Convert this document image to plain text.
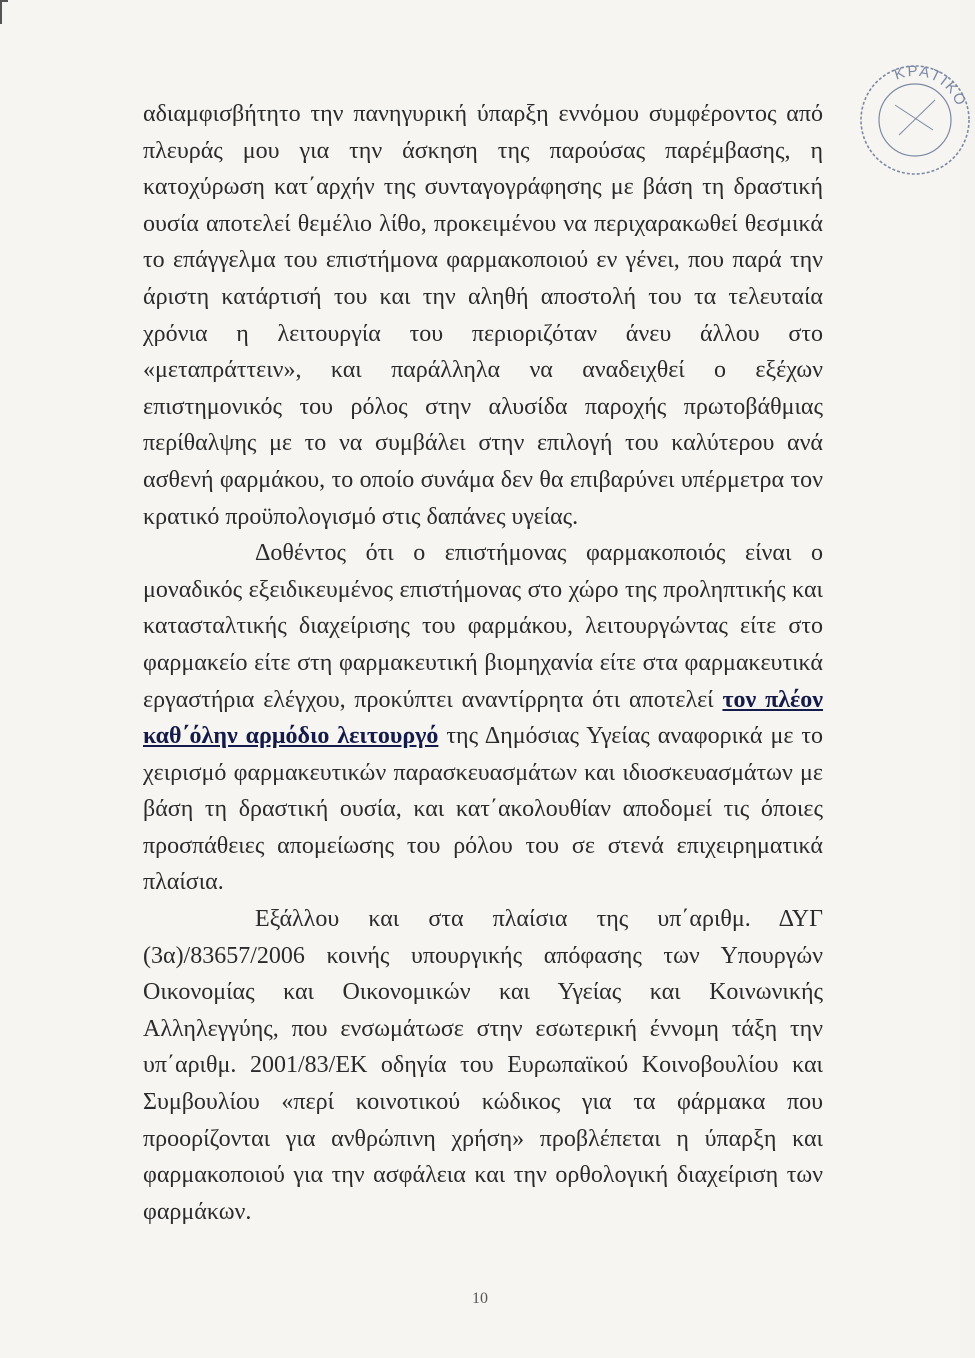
ΚΡΑΤΙΚΟ

αδιαμφισβήτητο την πανηγυρική ύπαρξη εννόμου συμφέροντος από πλευράς μου για την άσκηση της παρούσας παρέμβασης, η κατοχύρωση κατ΄αρχήν της συνταγογράφησης με βάση τη δραστική ουσία αποτελεί θεμέλιο λίθο, προκειμένου να περιχαρακωθεί θεσμικά το επάγγελμα του επιστήμονα φαρμακοποιού εν γένει, που παρά την άριστη κατάρτισή του και την αληθή αποστολή του τα τελευταία χρόνια η λειτουργία του περιοριζόταν άνευ άλλου στο «μεταπράττειν», και παράλληλα να αναδειχθεί ο εξέχων επιστημονικός του ρόλος στην αλυσίδα παροχής πρωτοβάθμιας περίθαλψης με το να συμβάλει στην επιλογή του καλύτερου ανά ασθενή φαρμάκου, το οποίο συνάμα δεν θα επιβαρύνει υπέρμετρα τον κρατικό προϋπολογισμό στις δαπάνες υγείας.

Δοθέντος ότι ο επιστήμονας φαρμακοποιός είναι ο μοναδικός εξειδικευμένος επιστήμονας στο χώρο της προληπτικής και κατασταλτικής διαχείρισης του φαρμάκου, λειτουργώντας είτε στο φαρμακείο είτε στη φαρμακευτική βιομηχανία είτε στα φαρμακευτικά εργαστήρια ελέγχου, προκύπτει αναντίρρητα ότι αποτελεί τον πλέον καθ΄όλην αρμόδιο λειτουργό της Δημόσιας Υγείας αναφορικά με το χειρισμό φαρμακευτικών παρασκευασμάτων και ιδιοσκευασμάτων με βάση τη δραστική ουσία, και κατ΄ακολουθίαν αποδομεί τις όποιες προσπάθειες απομείωσης του ρόλου του σε στενά επιχειρηματικά πλαίσια.

Εξάλλου και στα πλαίσια της υπ΄αριθμ. ΔΥΓ (3α)/83657/2006 κοινής υπουργικής απόφασης των Υπουργών Οικονομίας και Οικονομικών και Υγείας και Κοινωνικής Αλληλεγγύης, που ενσωμάτωσε στην εσωτερική έννομη τάξη την υπ΄αριθμ. 2001/83/ΕΚ οδηγία του Ευρωπαϊκού Κοινοβουλίου και Συμβουλίου «περί κοινοτικού κώδικος για τα φάρμακα που προορίζονται για ανθρώπινη χρήση» προβλέπεται η ύπαρξη και φαρμακοποιού για την ασφάλεια και την ορθολογική διαχείριση των φαρμάκων.

10
